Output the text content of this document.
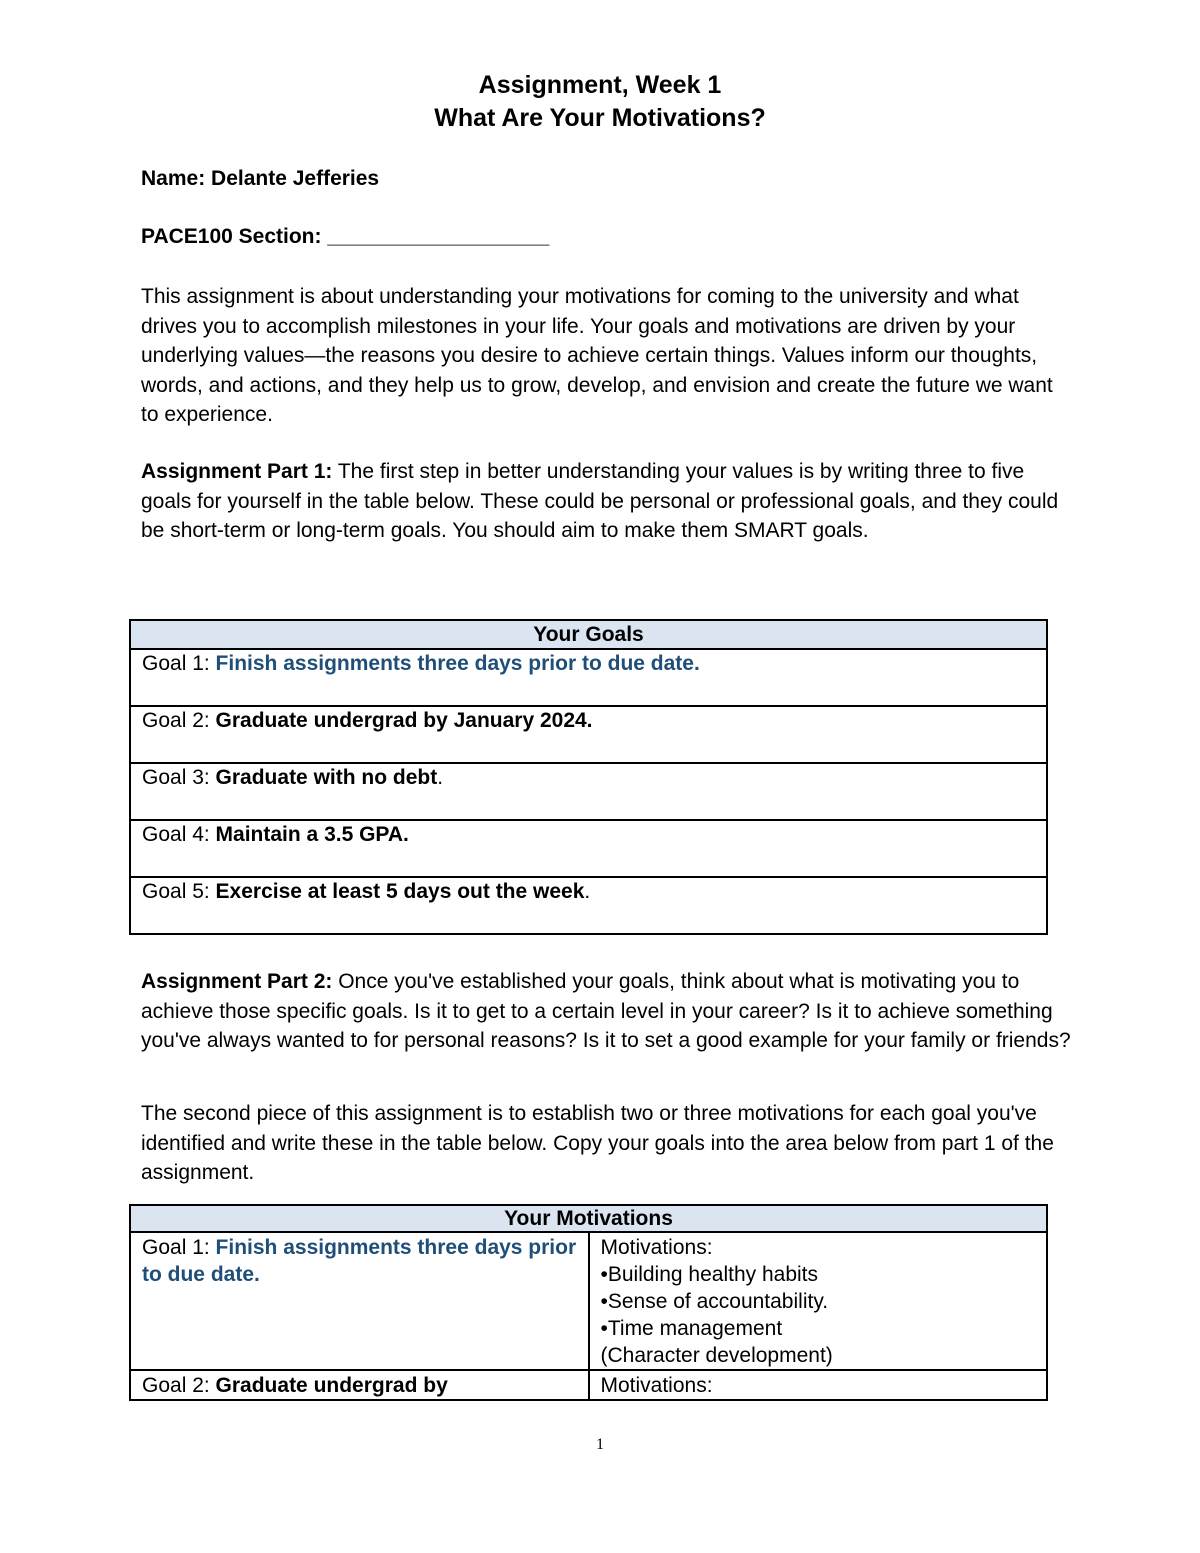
Assignment, Week 1
What Are Your Motivations?
Name: Delante Jefferies
PACE100 Section: ___________________
This assignment is about understanding your motivations for coming to the university and what drives you to accomplish milestones in your life. Your goals and motivations are driven by your underlying values—the reasons you desire to achieve certain things. Values inform our thoughts, words, and actions, and they help us to grow, develop, and envision and create the future we want to experience.
Assignment Part 1: The first step in better understanding your values is by writing three to five goals for yourself in the table below. These could be personal or professional goals, and they could be short-term or long-term goals. You should aim to make them SMART goals.
Your Goals
Goal 1: Finish assignments three days prior to due date.
Goal 2: Graduate undergrad by January 2024.
Goal 3: Graduate with no debt.
Goal 4: Maintain a 3.5 GPA.
Goal 5: Exercise at least 5 days out the week.
Assignment Part 2: Once you've established your goals, think about what is motivating you to achieve those specific goals. Is it to get to a certain level in your career? Is it to achieve something you've always wanted to for personal reasons? Is it to set a good example for your family or friends?
The second piece of this assignment is to establish two or three motivations for each goal you've identified and write these in the table below. Copy your goals into the area below from part 1 of the assignment.
Your Motivations	
Goal 1: Finish assignments three days prior to due date.	Motivations:
•Building healthy habits
•Sense of accountability.
•Time management
(Character development)

Goal 2: Graduate undergrad by	Motivations:
1
